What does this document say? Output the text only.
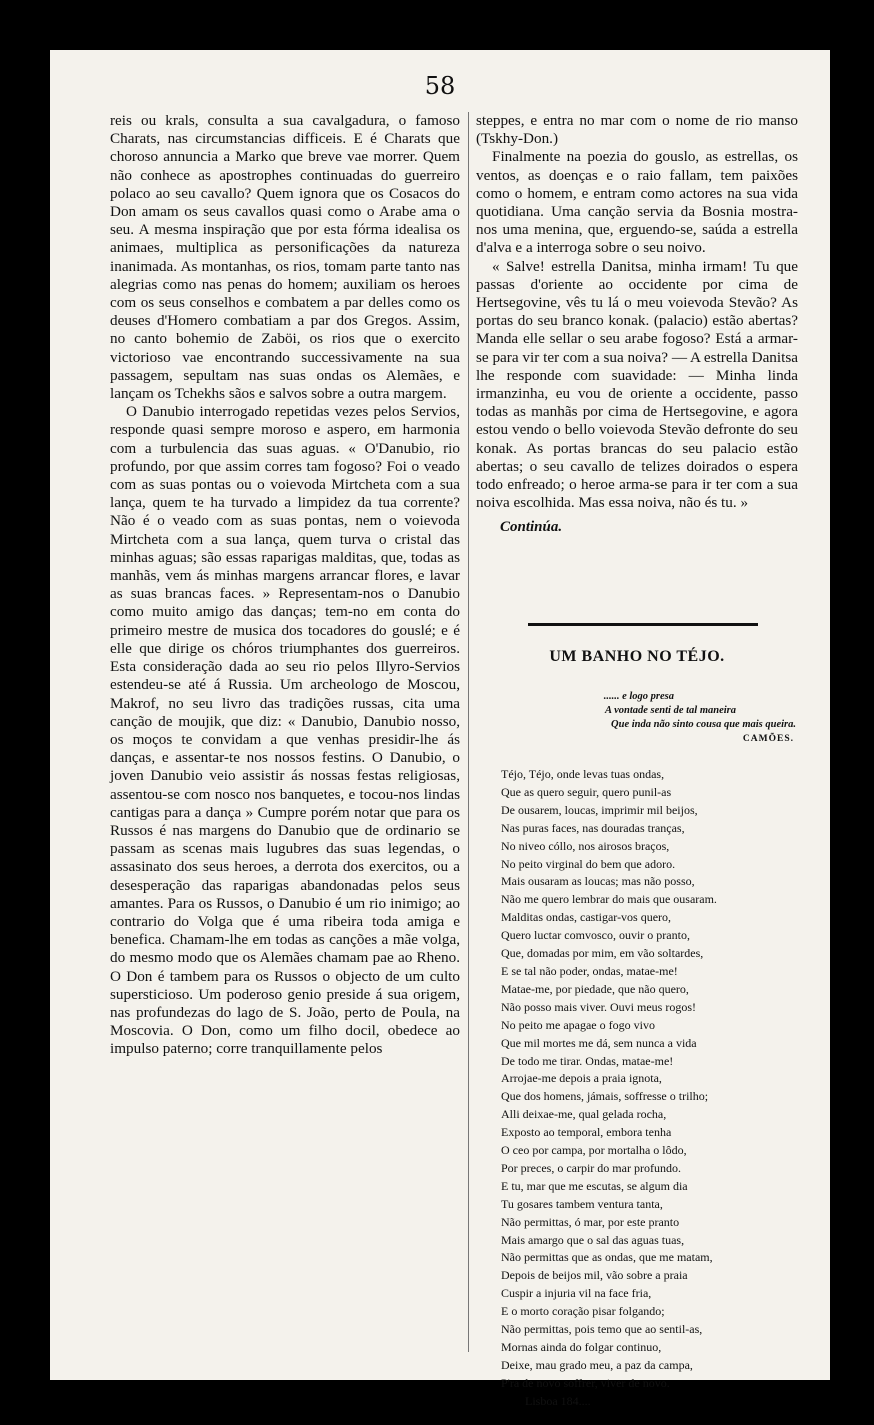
58

reis ou krals, consulta a sua cavalgadura, o famoso Charats, nas circumstancias difficeis. E é Charats que choroso annuncia a Marko que breve vae morrer. Quem não conhece as apostrophes continuadas do guerreiro polaco ao seu cavallo? Quem ignora que os Cosacos do Don amam os seus cavallos quasi como o Arabe ama o seu. A mesma inspiração que por esta fórma idealisa os animaes, multiplica as personificações da natureza inanimada. As montanhas, os rios, tomam parte tanto nas alegrias como nas penas do homem; auxiliam os heroes com os seus conselhos e combatem a par delles como os deuses d'Homero combatiam a par dos Gregos. Assim, no canto bohemio de Zaböi, os rios que o exercito victorioso vae encontrando successivamente na sua passagem, sepultam nas suas ondas os Alemães, e lançam os Tchekhs sãos e salvos sobre a outra margem.

O Danubio interrogado repetidas vezes pelos Servios, responde quasi sempre moroso e aspero, em harmonia com a turbulencia das suas aguas. « O'Danubio, rio profundo, por que assim corres tam fogoso? Foi o veado com as suas pontas ou o voievoda Mirtcheta com a sua lança, quem te ha turvado a limpidez da tua corrente? Não é o veado com as suas pontas, nem o voievoda Mirtcheta com a sua lança, quem turva o cristal das minhas aguas; são essas raparigas malditas, que, todas as manhãs, vem ás minhas margens arrancar flores, e lavar as suas brancas faces. » Representam-nos o Danubio como muito amigo das danças; tem-no em conta do primeiro mestre de musica dos tocadores do gouslé; e é elle que dirige os chóros triumphantes dos guerreiros. Esta consideração dada ao seu rio pelos Illyro-Servios estendeu-se até á Russia. Um archeologo de Moscou, Makrof, no seu livro das tradições russas, cita uma canção de moujik, que diz: « Danubio, Danubio nosso, os moços te convidam a que venhas presidir-lhe ás danças, e assentar-te nos nossos festins. O Danubio, o joven Danubio veio assistir ás nossas festas religiosas, assentou-se com nosco nos banquetes, e tocou-nos lindas cantigas para a dança » Cumpre porém notar que para os Russos é nas margens do Danubio que de ordinario se passam as scenas mais lugubres das suas legendas, o assasinato dos seus heroes, a derrota dos exercitos, ou a desesperação das raparigas abandonadas pelos seus amantes. Para os Russos, o Danubio é um rio inimigo; ao contrario do Volga que é uma ribeira toda amiga e benefica. Chamam-lhe em todas as canções a mãe volga, do mesmo modo que os Alemães chamam pae ao Rheno. O Don é tambem para os Russos o objecto de um culto supersticioso. Um poderoso genio preside á sua origem, nas profundezas do lago de S. João, perto de Poula, na Moscovia. O Don, como um filho docil, obedece ao impulso paterno; corre tranquillamente pelos

steppes, e entra no mar com o nome de rio manso (Tskhy-Don.)

Finalmente na poezia do gouslo, as estrellas, os ventos, as doenças e o raio fallam, tem paixões como o homem, e entram como actores na sua vida quotidiana. Uma canção servia da Bosnia mostra-nos uma menina, que, erguendo-se, saúda a estrella d'alva e a interroga sobre o seu noivo.

« Salve! estrella Danitsa, minha irmam! Tu que passas d'oriente ao occidente por cima de Hertsegovine, vês tu lá o meu voievoda Stevão? As portas do seu branco konak. (palacio) estão abertas? Manda elle sellar o seu arabe fogoso? Está a armar-se para vir ter com a sua noiva? — A estrella Danitsa lhe responde com suavidade: — Minha linda irmanzinha, eu vou de oriente a occidente, passo todas as manhãs por cima de Hertsegovine, e agora estou vendo o bello voievoda Stevão defronte do seu konak. As portas brancas do seu palacio estão abertas; o seu cavallo de telizes doirados o espera todo enfreado; o heroe arma-se para ir ter com a sua noiva escolhida. Mas essa noiva, não és tu. »

Continúa.
UM BANHO NO TÉJO.
...... e logo presa
A vontade senti de tal maneira
Que inda não sinto cousa que mais queira.
CAMÕES.
Téjo, Téjo, onde levas tuas ondas,
Que as quero seguir, quero punil-as
De ousarem, loucas, imprimir mil beijos,
Nas puras faces, nas douradas tranças,
No niveo cóllo, nos airosos braços,
No peito virginal do bem que adoro.
Mais ousaram as loucas; mas não posso,
Não me quero lembrar do mais que ousaram.
Malditas ondas, castigar-vos quero,
Quero luctar comvosco, ouvir o pranto,
Que, domadas por mim, em vão soltardes,
E se tal não poder, ondas, matae-me!
Matae-me, por piedade, que não quero,
Não posso mais viver. Ouvi meus rogos!
No peito me apagae o fogo vivo
Que mil mortes me dá, sem nunca a vida
De todo me tirar. Ondas, matae-me!
Arrojae-me depois a praia ignota,
Que dos homens, jámais, soffresse o trilho;
Alli deixae-me, qual gelada rocha,
Exposto ao temporal, embora tenha
O ceo por campa, por mortalha o lôdo,
Por preces, o carpir do mar profundo.
E tu, mar que me escutas, se algum dia
Tu gosares tambem ventura tanta,
Não permittas, ó mar, por este pranto
Mais amargo que o sal das aguas tuas,
Não permittas que as ondas, que me matam,
Depois de beijos mil, vão sobre a praia
Cuspir a injuria vil na face fria,
E o morto coração pisar folgando;
Não permittas, pois temo que ao sentil-as,
Mornas ainda do folgar continuo,
Deixe, mau grado meu, a paz da campa,
P'ra de novo soffrer, viver de novo.
Lisboa 184....
